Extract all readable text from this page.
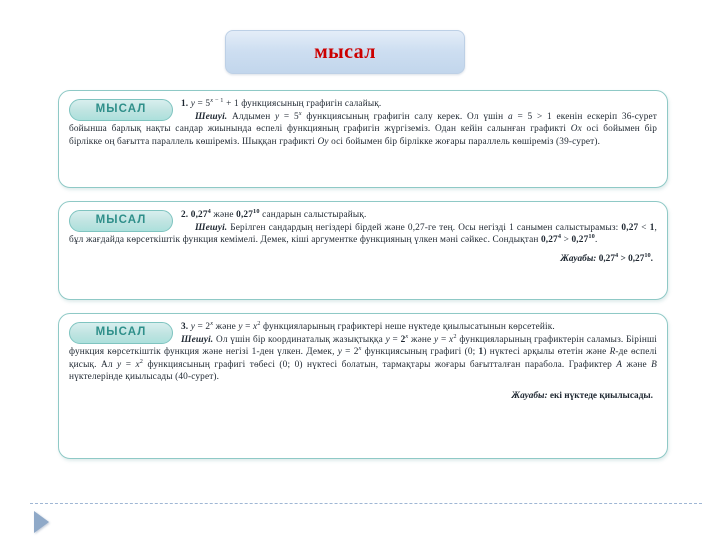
мысал
МЫСАЛ	1. $y = 5^{x - 1} + 1$ функциясының графигін салайық.
Шешуі. Алдымен $y = 5^x$ функциясының графигін салу керек. Ол үшін a = 5 > 1 екенін ескеріп 36-сурет бойынша барлық нақты сандар жиынында өспелі функцияның графигін жүргіземіз. Одан кейін салынған графикті Ox осі бойымен бір бірлікке оң бағытта параллель көшіреміз. Шыққан графикті Oy осі бойымен бір бірлікке жоғары параллель көшіреміз (39-сурет).

МЫСАЛ	2. 0,27$^4$ және 0,27$^{10}$ сандарын салыстырайық.
Шешуі. Берілген сандардың негіздері бірдей және 0,27-ге тең. Осы негізді 1 санымен салыстырамыз: 0,27 < 1, бұл жағдайда көрсеткіштік функция кемімелі. Демек, кіші аргументке функцияның үлкен мәні сәйкес. Сондықтан $0,27^4 > 0,27^{10}$.

Жауабы: $0,27^4 > 0,27^{10}$.

МЫСАЛ	3. $y = 2^x$ және $y = x^2$ функцияларының графиктері неше нүктеде қиылысатынын көрсетейік.
Шешуі. Ол үшін бір координаталық жазықтыққа $y = 2^x$ және $y = x^2$ функцияларының графиктерін саламыз. Бірінші функция көрсеткіштік функция және негізі 1-ден үлкен. Демек, $y = 2^x$ функциясының графигі (0; 1) нүктесі арқылы өтетін және R-де өспелі қисық. Ал $y = x^2$ функциясының графигі төбесі (0; 0) нүктесі болатын, тармақтары жоғары бағытталған парабола. Графиктер A және B нүктелерінде қиылысады (40-сурет).

Жауабы: екі нүктеде қиылысады.
